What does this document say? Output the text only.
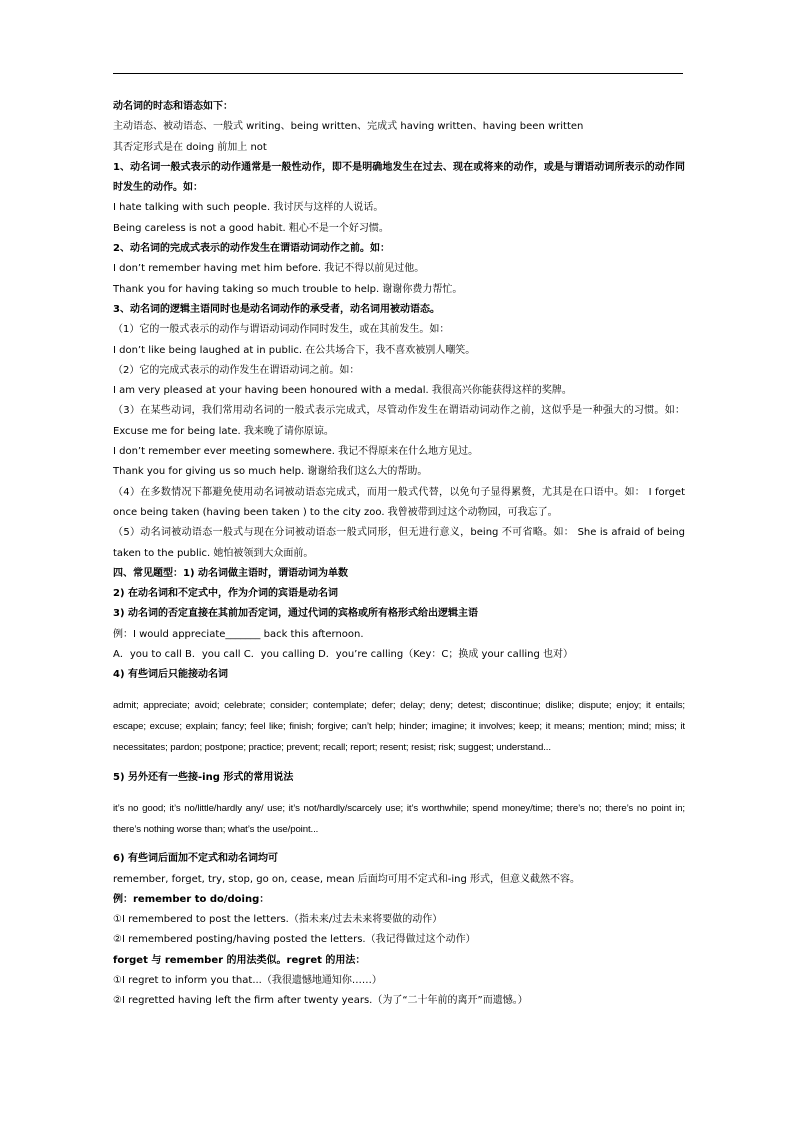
动名词的时态和语态如下：

主动语态、被动语态、一般式 writing、being written、完成式 having written、having been written

其否定形式是在 doing 前加上 not

1、动名词一般式表示的动作通常是一般性动作，即不是明确地发生在过去、现在或将来的动作，或是与谓语动词所表示的动作同时发生的动作。如：

I hate talking with such people. 我讨厌与这样的人说话。

Being careless is not a good habit. 粗心不是一个好习惯。

2、动名词的完成式表示的动作发生在谓语动词动作之前。如：

I don’t remember having met him before. 我记不得以前见过他。

Thank you for having taking so much trouble to help. 谢谢你费力帮忙。

3、动名词的逻辑主语同时也是动名词动作的承受者，动名词用被动语态。

（1）它的一般式表示的动作与谓语动词动作同时发生，或在其前发生。如：

I don’t like being laughed at in public. 在公共场合下，我不喜欢被别人嘲笑。

（2）它的完成式表示的动作发生在谓语动词之前。如：

I am very pleased at your having been honoured with a medal. 我很高兴你能获得这样的奖牌。

（3）在某些动词，我们常用动名词的一般式表示完成式，尽管动作发生在谓语动词动作之前，这似乎是一种强大的习惯。如：Excuse me for being late. 我来晚了请你原谅。

I don’t remember ever meeting somewhere. 我记不得原来在什么地方见过。

Thank you for giving us so much help. 谢谢给我们这么大的帮助。

（4）在多数情况下都避免使用动名词被动语态完成式，而用一般式代替，以免句子显得累赘，尤其是在口语中。如： I forget once being taken (having been taken ) to the city zoo. 我曾被带到过这个动物园，可我忘了。

（5）动名词被动语态一般式与现在分词被动语态一般式同形，但无进行意义，being 不可省略。如： She is afraid of being taken to the public. 她怕被领到大众面前。

四、常见题型：1) 动名词做主语时，谓语动词为单数

2) 在动名词和不定式中，作为介词的宾语是动名词

3) 动名词的否定直接在其前加否定词，通过代词的宾格或所有格形式给出逻辑主语

例：I would appreciate_______ back this afternoon.

A．you to call B．you call C．you calling D．you’re calling（Key：C；换成 your calling 也对）

4) 有些词后只能接动名词

admit; appreciate; avoid; celebrate; consider; contemplate; defer; delay; deny; detest; discontinue; dislike; dispute; enjoy; it entails; escape; excuse; explain; fancy; feel like; finish; forgive; can’t help; hinder; imagine; it involves; keep; it means; mention; mind; miss; it necessitates; pardon; postpone; practice; prevent; recall; report; resent; resist; risk; suggest; understand...

5) 另外还有一些接-ing 形式的常用说法

it’s no good; it’s no/little/hardly any/ use; it’s not/hardly/scarcely use; it’s worthwhile; spend money/time; there’s no; there’s no point in; there’s nothing worse than; what’s the use/point...

6) 有些词后面加不定式和动名词均可

remember, forget, try, stop, go on, cease, mean 后面均可用不定式和-ing 形式，但意义截然不容。

例：remember to do/doing：

①I remembered to post the letters.（指未来/过去未来将要做的动作）

②I remembered posting/having posted the letters.（我记得做过这个动作）

forget 与 remember 的用法类似。regret 的用法：

①I regret to inform you that...（我很遗憾地通知你……）

②I regretted having left the firm after twenty years.（为了“二十年前的离开”而遗憾。）
